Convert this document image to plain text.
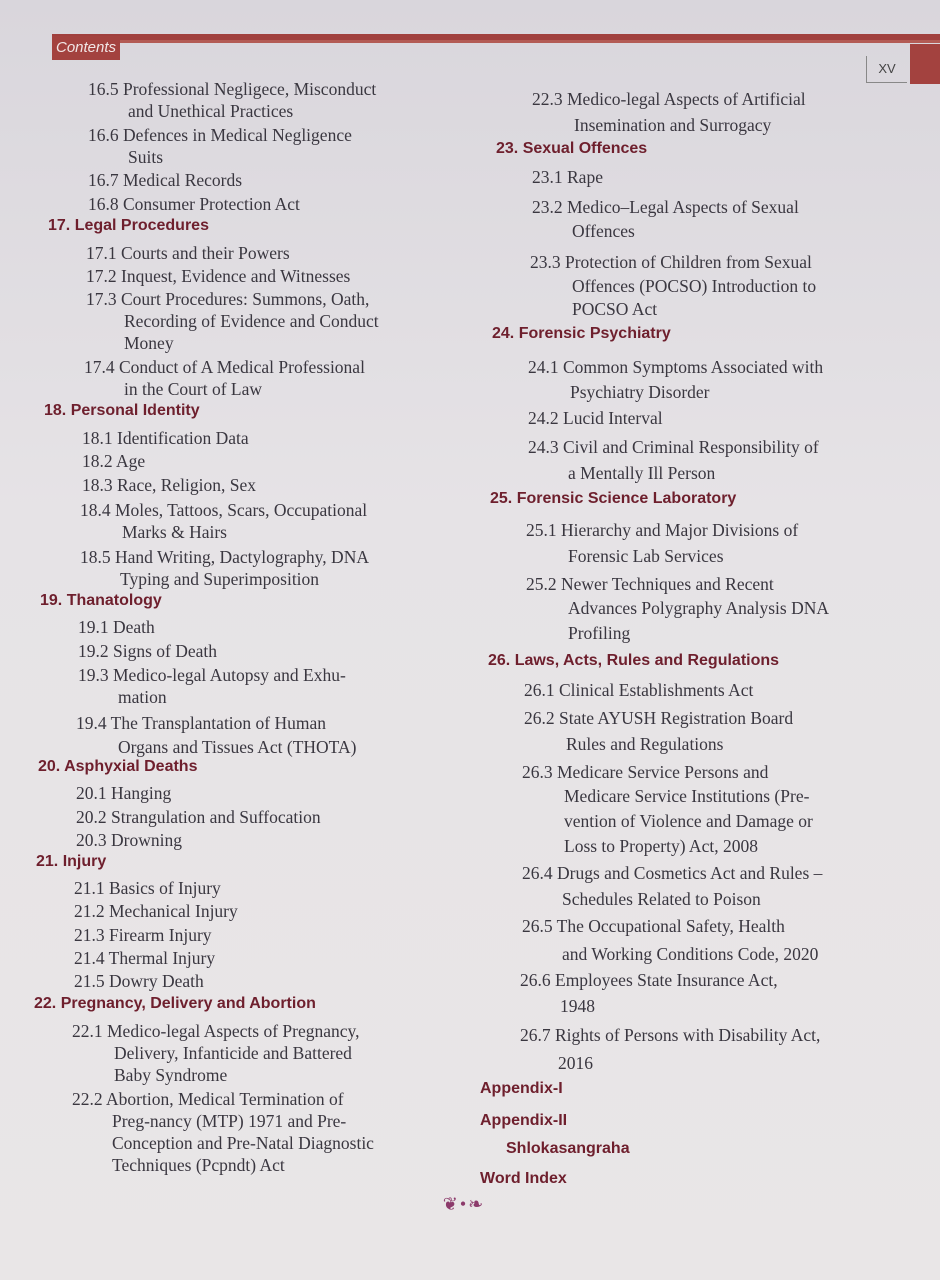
Contents
XV
16.5 Professional Negligece, Misconduct
and Unethical Practices
16.6 Defences in Medical Negligence
Suits
16.7 Medical Records
16.8 Consumer Protection Act
17. Legal Procedures
17.1 Courts and their Powers
17.2 Inquest, Evidence and Witnesses
17.3 Court Procedures: Summons, Oath,
Recording of Evidence and Conduct
Money
17.4 Conduct of A Medical Professional
in the Court of Law
18. Personal Identity
18.1 Identification Data
18.2 Age
18.3 Race, Religion, Sex
18.4 Moles, Tattoos, Scars, Occupational
Marks & Hairs
18.5 Hand Writing, Dactylography, DNA
Typing and Superimposition
19. Thanatology
19.1 Death
19.2 Signs of Death
19.3 Medico-legal Autopsy and Exhu-
mation
19.4 The Transplantation of Human
Organs and Tissues Act (THOTA)
20. Asphyxial Deaths
20.1 Hanging
20.2 Strangulation and Suffocation
20.3 Drowning
21. Injury
21.1 Basics of Injury
21.2 Mechanical Injury
21.3 Firearm Injury
21.4 Thermal Injury
21.5 Dowry Death
22. Pregnancy, Delivery and Abortion
22.1 Medico-legal Aspects of Pregnancy,
Delivery, Infanticide and Battered
Baby Syndrome
22.2 Abortion, Medical Termination of
Preg-nancy (MTP) 1971 and Pre-
Conception and Pre-Natal Diagnostic
Techniques (Pcpndt) Act
22.3 Medico-legal Aspects of Artificial
Insemination and Surrogacy
23. Sexual Offences
23.1 Rape
23.2 Medico–Legal Aspects of Sexual
Offences
23.3 Protection of Children from Sexual
Offences (POCSO) Introduction to
POCSO Act
24. Forensic Psychiatry
24.1 Common Symptoms Associated with
Psychiatry Disorder
24.2 Lucid Interval
24.3 Civil and Criminal Responsibility of
a Mentally Ill Person
25. Forensic Science Laboratory
25.1 Hierarchy and Major Divisions of
Forensic Lab Services
25.2 Newer Techniques and Recent
Advances Polygraphy Analysis DNA
Profiling
26. Laws, Acts, Rules and Regulations
26.1 Clinical Establishments Act
26.2 State AYUSH Registration Board
Rules and Regulations
26.3 Medicare Service Persons and
Medicare Service Institutions (Pre-
vention of Violence and Damage or
Loss to Property) Act, 2008
26.4 Drugs and Cosmetics Act and Rules –
Schedules Related to Poison
26.5 The Occupational Safety, Health
and Working Conditions Code, 2020
26.6 Employees State Insurance Act,
1948
26.7 Rights of Persons with Disability Act,
2016
Appendix-I
Appendix-II
Shlokasangraha
Word Index
❦•❧
